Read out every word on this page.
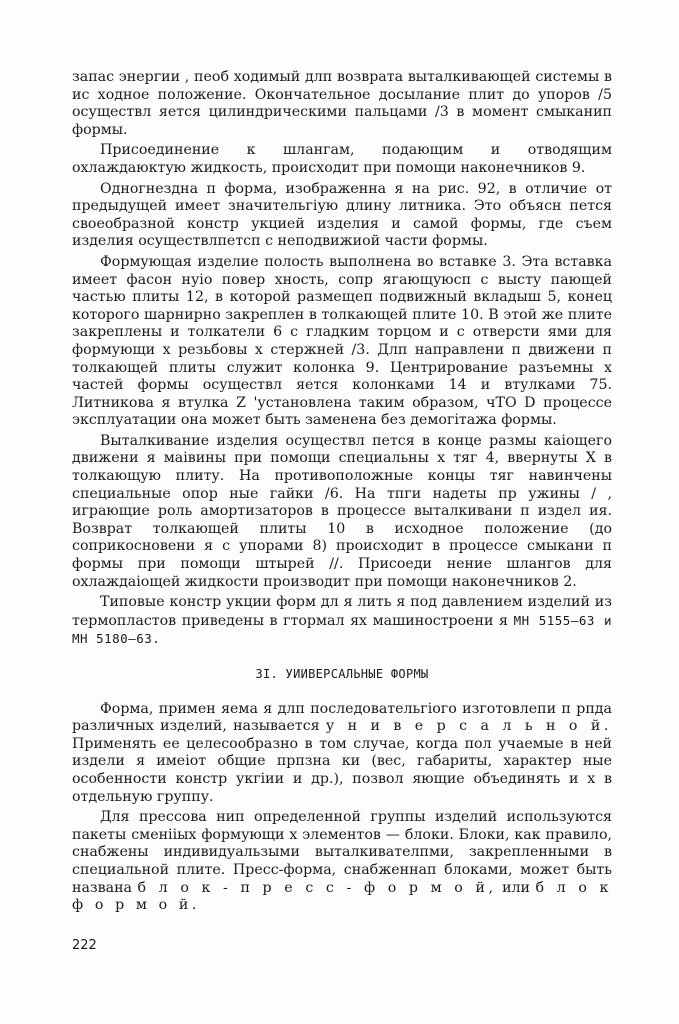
запас энергии , пеоб ходимый длп возврата выталкивающей системы в ис ходное положение. Окончательное досылание плит до упоров /5 осуществл яется цилиндрическими пальцами /3 в момент смыканип формы.

Присоединение к шлангам, подающим и отводящим охлаждаюктую жидкость, происходит при помощи наконечников 9.

Одногнездна п форма, изображенна я на рис. 92, в отличие от предыдущей имеет значительгiую длину литника. Это объясн пется своеобразной констр укцией изделия и самой формы, где съем изделия осуществлпетсп с неподвижиой части формы.

Формующая изделие полость выполнена во вставке 3. Эта вставка имеет фасон нуiо повер хность, сопр ягающуюсп с высту пающей частью плиты 12, в которой размещеп подвижный вкладыш 5, конец которого шарнирно закреплен в толкающей плите 10. В этой же плите закреплены и толкатели 6 с гладким торцом и с отверсти ями для формующи х резьбовы х стержней /3. Длп направлени п движени п толкающей плиты служит колонка 9. Центрирование разъемны х частей формы осуществл яется колонками 14 и втулками 75. Литникова я втулка Z 'установлена таким образом, чТО D процессе эксплуатации она может быть заменена без демогiтажа формы.

Выталкивание изделия осуществл пется в конце размы каiощего движени я маiвины при помощи специальны х тяг 4, ввернуты Х в толкающую плиту. На противоположные концы тяг навинчены специальные опор ные гайки /6. На тпги надеты пр ужины / , играющие роль амортизаторов в процессе выталкивани п издел ия. Возврат толкающей плиты 10 в исходное положение (до соприкосновени я с упорами 8) происходит в процессе смыкани п формы при помощи штырей //. Присоеди нение шлангов для охлаждаiощей жидкости производит при помощи наконечников 2.

Типовые констр укции форм дл я лить я под давлением изделий из термопластов приведены в гтормал ях машиностроени я МН 5155—63 и МН 5180—63.

3I. УИИВЕРСАЛЬНЫЕ ФОРМЫ

Форма, примен яема я длп последовательгiого изготовлепи п рпда различных изделий, называется у н и в е р с а л ь н о й. Пpименять ее целесообразно в том случае, когда пол учаемые в ней издели я имеiот общие прпзна ки (вес, габариты, характер ные особенности констр укгiии и др.), позвол яющие объединять и х в отдельную группу.

Для прессова нип определенной группы изделий используются пакеты сменiiых формующи х элементов — блоки. Блоки, как правило, снабжены индивидуальзыми выталкивателпми, закрепленными в специальной плите. Пресс-форма, снабженнап блоками, может быть названа б л о к - п р е с с - ф о р м о й, или б л о к ф о р м о й.

222
